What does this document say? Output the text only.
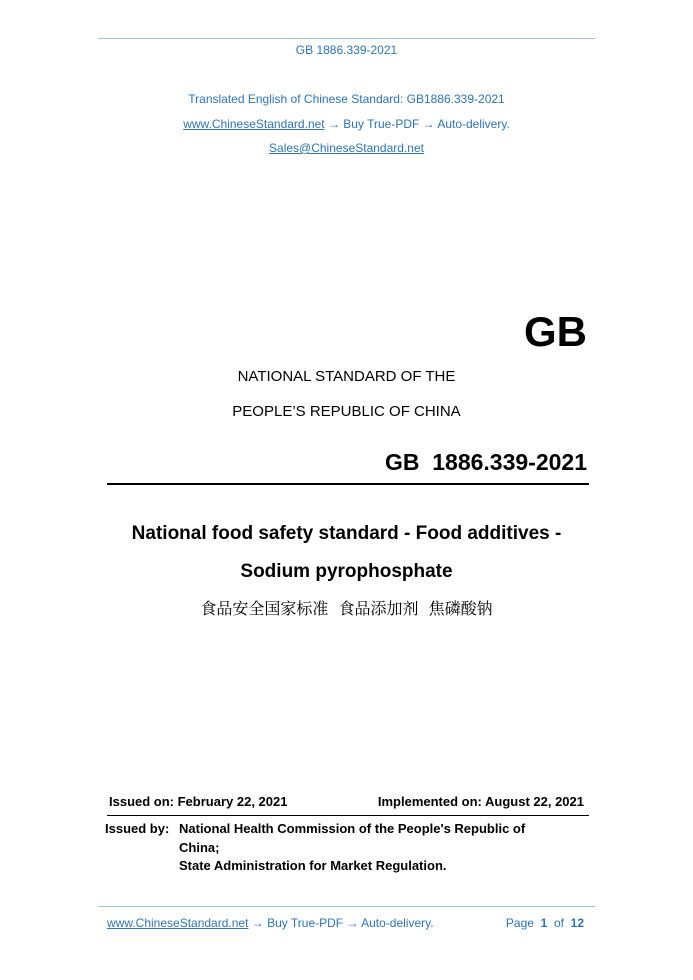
GB 1886.339-2021
Translated English of Chinese Standard: GB1886.339-2021
www.ChineseStandard.net → Buy True-PDF → Auto-delivery.
Sales@ChineseStandard.net
GB
NATIONAL STANDARD OF THE
PEOPLE’S REPUBLIC OF CHINA
GB  1886.339-2021
National food safety standard - Food additives -
Sodium pyrophosphate
食品安全国家标准  食品添加剂  焦磷酸钠
Issued on: February 22, 2021	Implemented on: August 22, 2021
Issued by: National Health Commission of the People's Republic of
China;
State Administration for Market Regulation.
www.ChineseStandard.net → Buy True-PDF → Auto-delivery.	Page 1 of 12
